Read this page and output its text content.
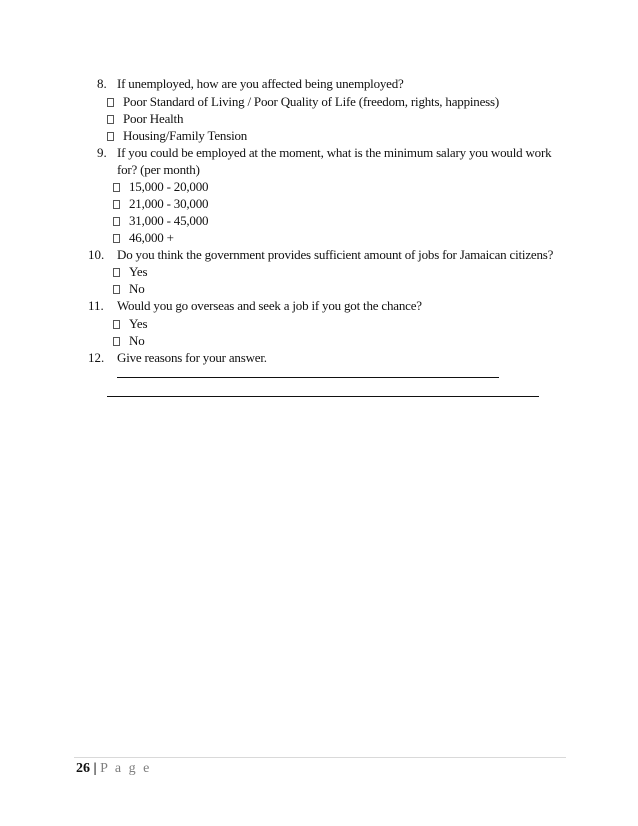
8. If unemployed, how are you affected being unemployed?
Poor Standard of Living / Poor Quality of Life (freedom, rights, happiness)
Poor Health
Housing/Family Tension
9. If you could be employed at the moment, what is the minimum salary you would work
for? (per month)
15,000 - 20,000
21,000 - 30,000
31,000 - 45,000
46,000 +
10. Do you think the government provides sufficient amount of jobs for Jamaican citizens?
Yes
No
11. Would you go overseas and seek a job if you got the chance?
Yes
No
12. Give reasons for your answer.
26 | P a g e
